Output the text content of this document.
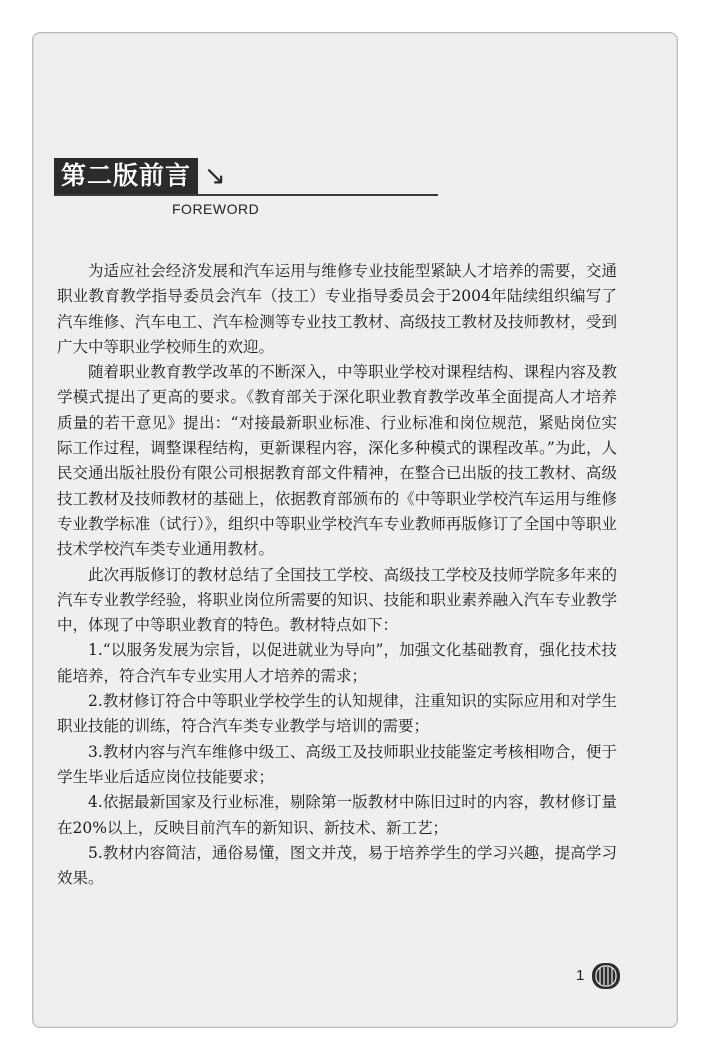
第二版前言 ↘
FOREWORD

为适应社会经济发展和汽车运用与维修专业技能型紧缺人才培养的需要，交通职业教育教学指导委员会汽车（技工）专业指导委员会于2004年陆续组织编写了汽车维修、汽车电工、汽车检测等专业技工教材、高级技工教材及技师教材，受到广大中等职业学校师生的欢迎。

随着职业教育教学改革的不断深入，中等职业学校对课程结构、课程内容及教学模式提出了更高的要求。《教育部关于深化职业教育教学改革全面提高人才培养质量的若干意见》提出：“对接最新职业标准、行业标准和岗位规范，紧贴岗位实际工作过程，调整课程结构，更新课程内容，深化多种模式的课程改革。”为此，人民交通出版社股份有限公司根据教育部文件精神，在整合已出版的技工教材、高级技工教材及技师教材的基础上，依据教育部颁布的《中等职业学校汽车运用与维修专业教学标准（试行）》，组织中等职业学校汽车专业教师再版修订了全国中等职业技术学校汽车类专业通用教材。

此次再版修订的教材总结了全国技工学校、高级技工学校及技师学院多年来的汽车专业教学经验，将职业岗位所需要的知识、技能和职业素养融入汽车专业教学中，体现了中等职业教育的特色。教材特点如下：

1.“以服务发展为宗旨，以促进就业为导向”，加强文化基础教育，强化技术技能培养，符合汽车专业实用人才培养的需求；

2.教材修订符合中等职业学校学生的认知规律，注重知识的实际应用和对学生职业技能的训练，符合汽车类专业教学与培训的需要；

3.教材内容与汽车维修中级工、高级工及技师职业技能鉴定考核相吻合，便于学生毕业后适应岗位技能要求；

4.依据最新国家及行业标准，剔除第一版教材中陈旧过时的内容，教材修订量在20%以上，反映目前汽车的新知识、新技术、新工艺；

5.教材内容简洁，通俗易懂，图文并茂，易于培养学生的学习兴趣，提高学习效果。

1
